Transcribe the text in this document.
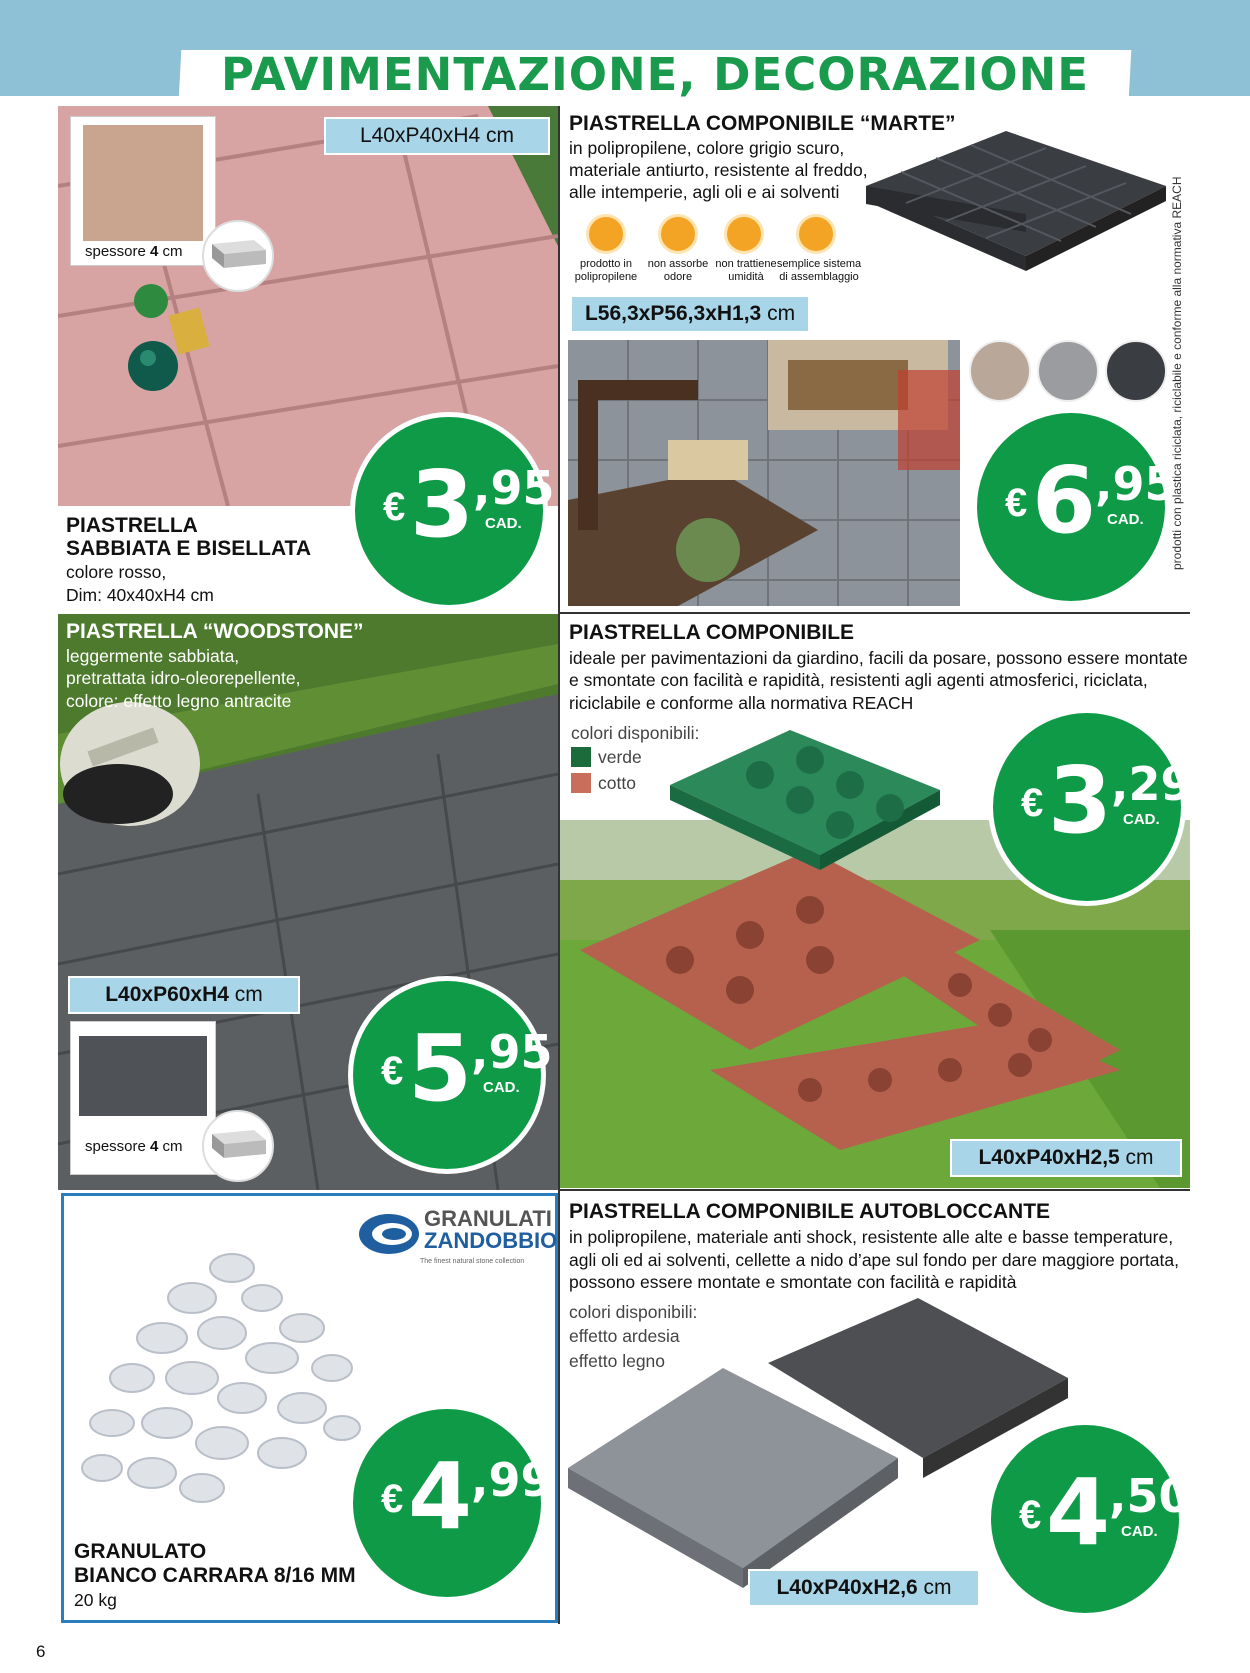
PAVIMENTAZIONE, DECORAZIONE
spessore 4 cm
L40xP40xH4 cm
€ 3 ,95
CAD.
PIASTRELLA
SABBIATA E BISELLATA
colore rosso,
Dim: 40x40xH4 cm
PIASTRELLA COMPONIBILE “MARTE”
in polipropilene, colore grigio scuro,
materiale antiurto, resistente al freddo,
alle intemperie, agli oli e ai solventi
prodotto in
polipropilene
non assorbe
odore
non trattiene
umidità
semplice sistema
di assemblaggio
L56,3xP56,3xH1,3 cm
€ 6 ,95
CAD. prodotti con plastica riciclata, riciclabile e conforme alla normativa REACH
PIASTRELLA “WOODSTONE”
leggermente sabbiata,
pretrattata idro-oleorepellente,
colore: effetto legno antracite
L40xP60xH4 cm
spessore 4 cm
€ 5 ,95
CAD.
PIASTRELLA COMPONIBILE
ideale per pavimentazioni da giardino, facili da posare, possono essere montate
e smontate con facilità e rapidità, resistenti agli agenti atmosferici, riciclata,
riciclabile e conforme alla normativa REACH
colori disponibili:
verde
cotto	€ 3 ,29
CAD.
L40xP40xH2,5 cm
GRANULATI
ZANDOBBIO
The finest natural stone collection
GRANULATO
BIANCO CARRARA 8/16 MM
20 kg
€ 4 ,99
PIASTRELLA COMPONIBILE AUTOBLOCCANTE
in polipropilene, materiale anti shock, resistente alle alte e basse temperature,
agli oli ed ai solventi, cellette a nido d’ape sul fondo per dare maggiore portata,
possono essere montate e smontate con facilità e rapidità
colori disponibili:
effetto ardesia
effetto legno
L40xP40xH2,6 cm
€ 4 ,50
CAD.
6
